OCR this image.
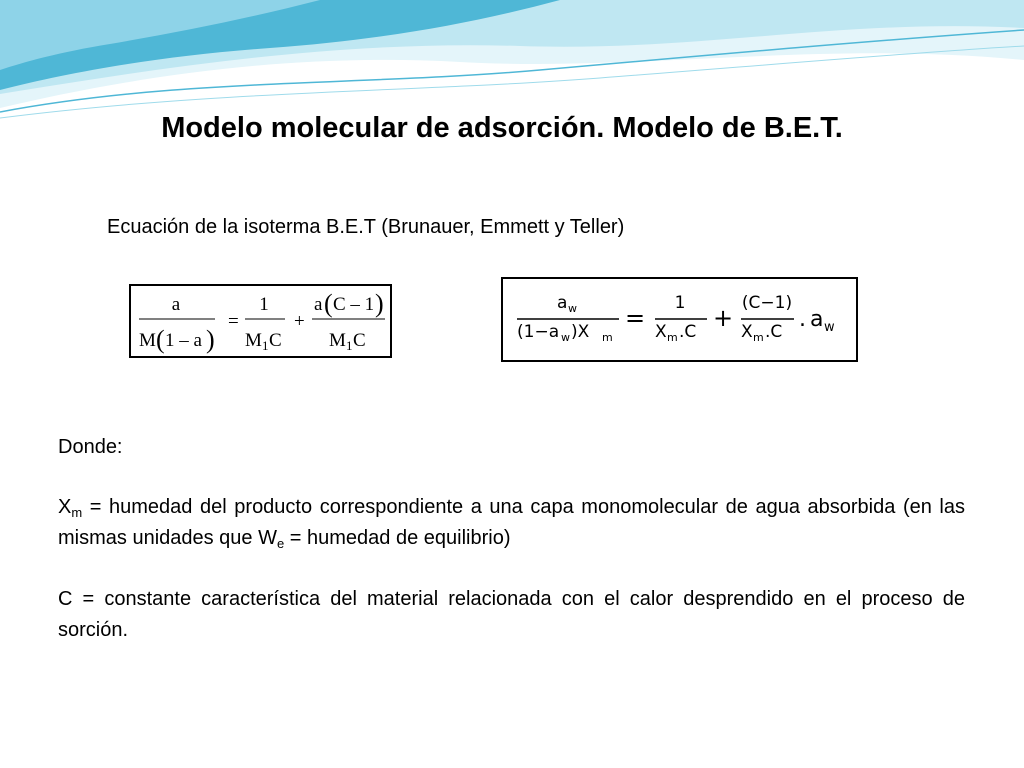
Modelo molecular de adsorción. Modelo de B.E.T.
Ecuación de la isoterma B.E.T (Brunauer, Emmett y Teller)
a
M ( 1 – a )
=
1
M 1 C
+
a ( C – 1 )
M 1 C
a w
(1−a w )X m
=
1
X m .C +
(C−1)
X m .C . a w
Donde:
$X_m$ = humedad del producto correspondiente a una capa monomolecular de agua absorbida (en las mismas unidades que $W_e$ = humedad de equilibrio)
C = constante característica del material relacionada con el calor desprendido en el proceso de sorción.
